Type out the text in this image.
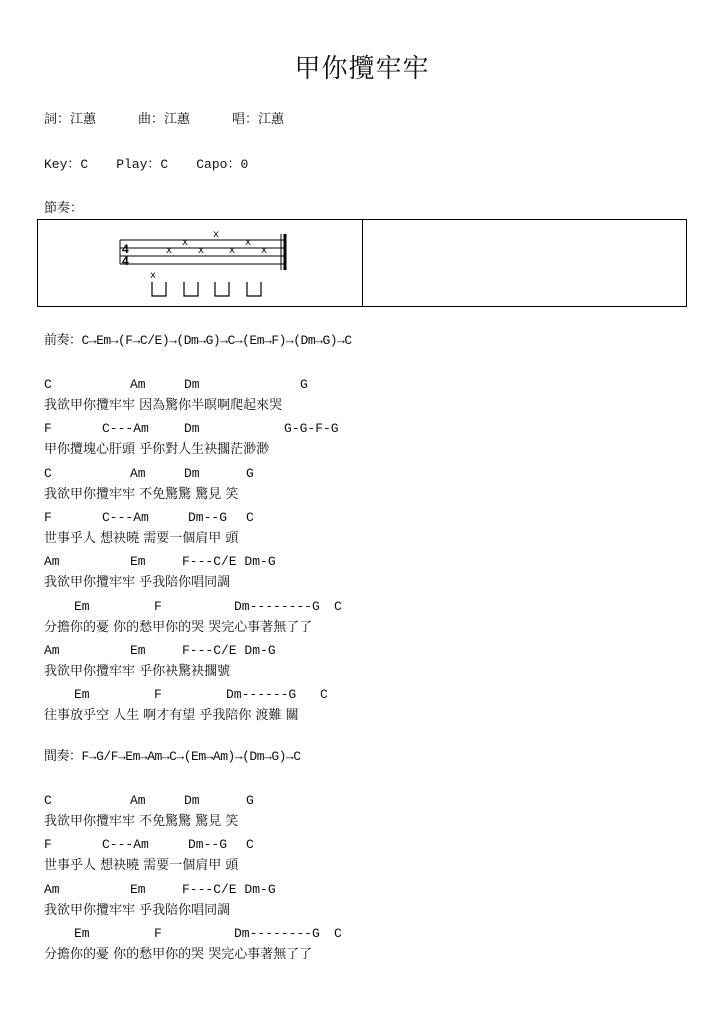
甲你攬牢牢
詞：江蕙	曲：江蕙	唱：江蕙
Key：C Play：C Capo：0
節奏：
4
4
x
x
x
x
x
x
x
x
前奏：C→Em→(F→C/E)→(Dm→G)→C→(Em→F)→(Dm→G)→C
C	Am	Dm	G
我欲甲你攬牢牢 因為驚你半暝啊爬起來哭
F	C---Am	Dm	G-G-F-G
甲你攬塊心肝頭 乎你對人生袂擱茫渺渺
C	Am	Dm	G
我欲甲你攬牢牢 不免驚驚 驚見 笑
F	C---Am	Dm--G C
世事乎人 想袂曉 需要一個肩甲 頭
Am	Em	F---C/E Dm-G
我欲甲你攬牢牢 乎我陪你唱同調
Em	F	Dm--------G C
分擔你的憂 你的愁甲你的哭 哭完心事著無了了
Am	Em	F---C/E Dm-G
我欲甲你攬牢牢 乎你袂驚袂擱號
Em	F	Dm------G C
往事放乎空 人生 啊才有望 乎我陪你 渡難 關
間奏：F→G/F→Em→Am→C→(Em→Am)→(Dm→G)→C
C	Am	Dm	G
我欲甲你攬牢牢 不免驚驚 驚見 笑
F	C---Am	Dm--G C
世事乎人 想袂曉 需要一個肩甲 頭
Am	Em	F---C/E Dm-G
我欲甲你攬牢牢 乎我陪你唱同調
Em	F	Dm--------G C
分擔你的憂 你的愁甲你的哭 哭完心事著無了了
